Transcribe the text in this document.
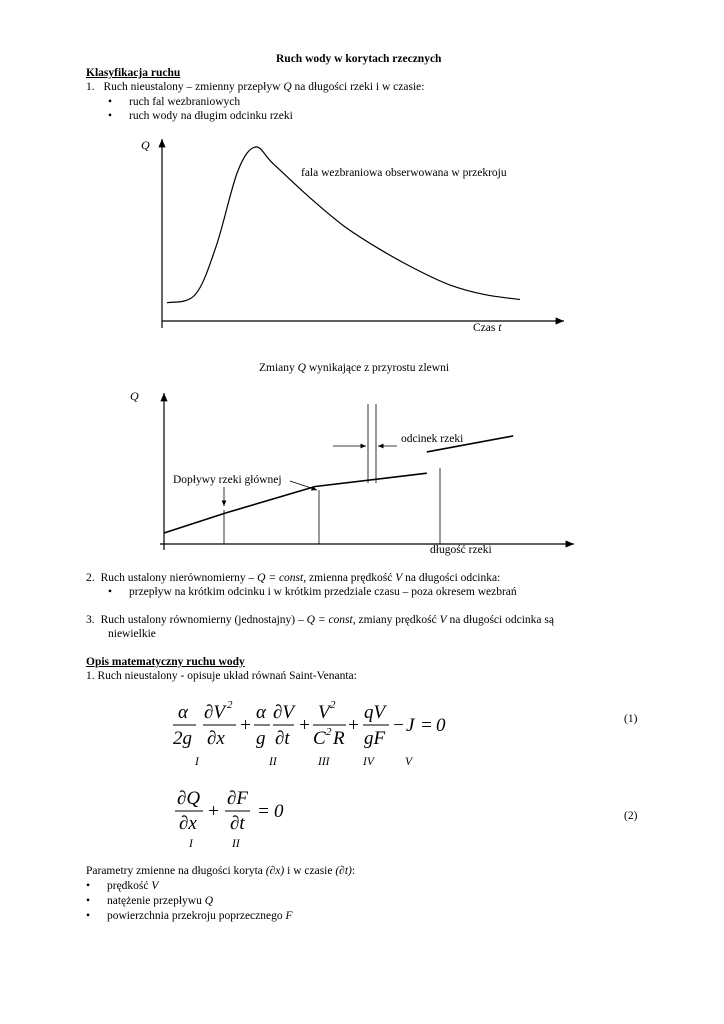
Ruch wody w korytach rzecznych
Klasyfikacja ruchu
1. Ruch nieustalony – zmienny przepływ Q na długości rzeki i w czasie:
• ruch fal wezbraniowych
• ruch wody na długim odcinku rzeki
Q
Czas t
fala wezbraniowa obserwowana w przekroju
Zmiany Q wynikające z przyrostu zlewni
odcinek rzeki
Dopływy rzeki głównej
Q
długość rzeki
2. Ruch ustalony nierównomierny – Q = const, zmienna prędkość V na długości odcinka:
• przepływ na krótkim odcinku i w krótkim przedziale czasu – poza okresem wezbrań
3. Ruch ustalony równomierny (jednostajny) – Q = const, zmiany prędkość V na długości odcinka są
niewielkie
Opis matematyczny ruchu wody
1. Ruch nieustalony - opisuje układ równań Saint-Venanta:
α
2g
∂V 2
∂x
+
α
g
∂V
∂t
+
V 2
C 2 R
+
qV
gF
− J = 0
I	II	III	IV	V
(1)
∂Q
∂x
+
∂F
∂t
= 0
I	II
(2)
Parametry zmienne na długości koryta (∂x) i w czasie (∂t):
• prędkość V
• natężenie przepływu Q
• powierzchnia przekroju poprzecznego F
